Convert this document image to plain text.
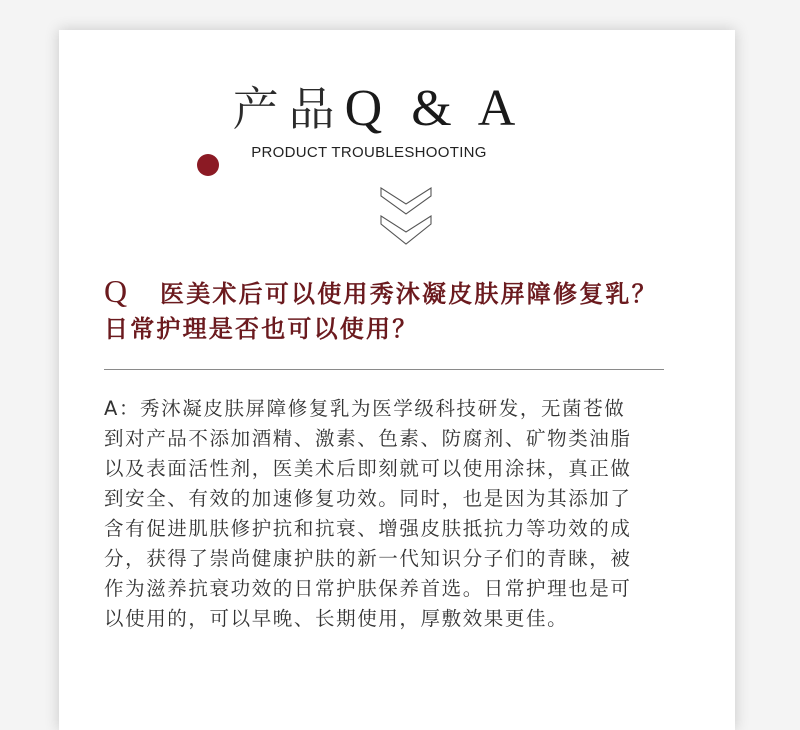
产品Q & A
PRODUCT TROUBLESHOOTING
Q 医美术后可以使用秀沐凝皮肤屏障修复乳？
日常护理是否也可以使用？
A：秀沐凝皮肤屏障修复乳为医学级科技研发，无菌苍做
到对产品不添加酒精、激素、色素、防腐剂、矿物类油脂
以及表面活性剂，医美术后即刻就可以使用涂抹，真正做
到安全、有效的加速修复功效。同时，也是因为其添加了
含有促进肌肤修护抗和抗衰、增强皮肤抵抗力等功效的成
分，获得了崇尚健康护肤的新一代知识分子们的青睐，被
作为滋养抗衰功效的日常护肤保养首选。日常护理也是可
以使用的，可以早晚、长期使用，厚敷效果更佳。
